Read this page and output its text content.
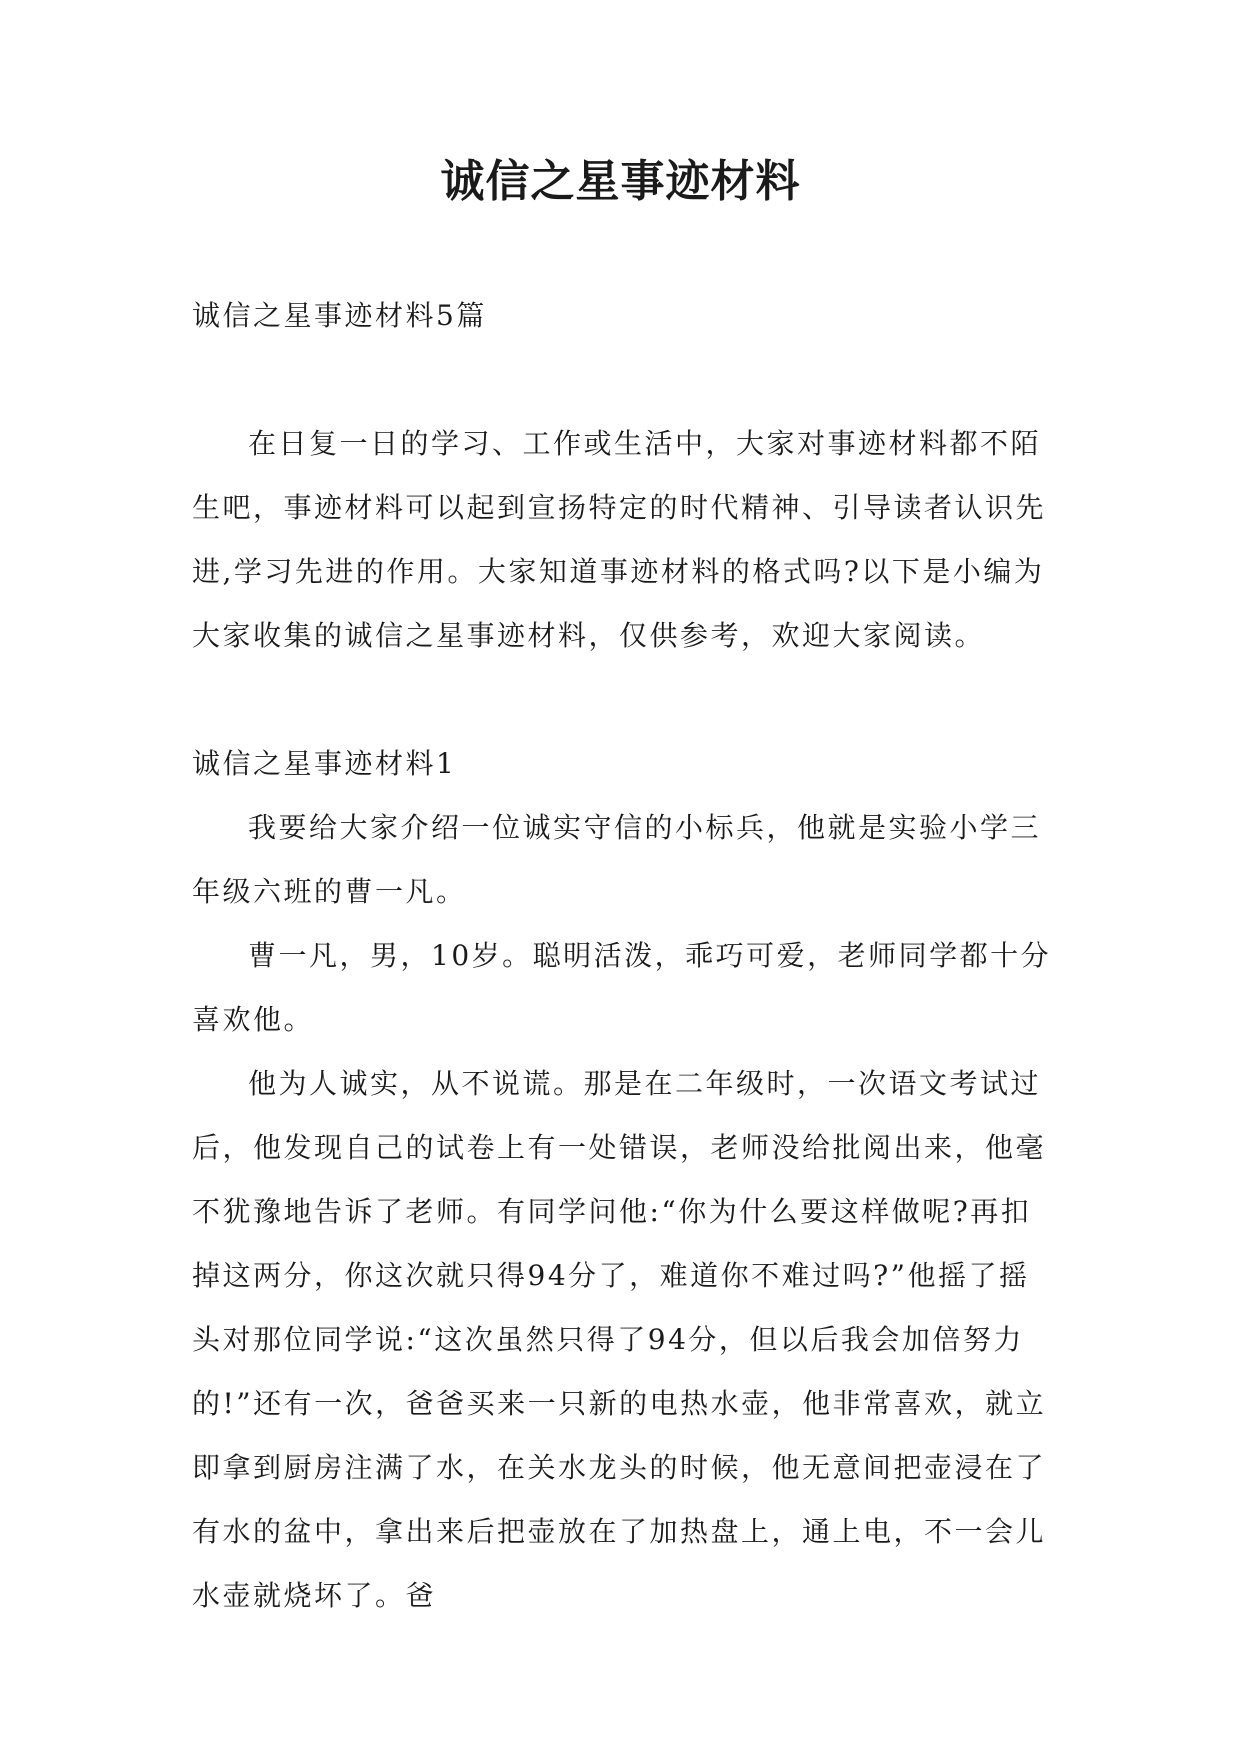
诚信之星事迹材料

诚信之星事迹材料5篇

在日复一日的学习、工作或生活中，大家对事迹材料都不陌生吧，事迹材料可以起到宣扬特定的时代精神、引导读者认识先进,学习先进的作用。大家知道事迹材料的格式吗?以下是小编为大家收集的诚信之星事迹材料，仅供参考，欢迎大家阅读。

诚信之星事迹材料1

我要给大家介绍一位诚实守信的小标兵，他就是实验小学三年级六班的曹一凡。

曹一凡，男，10岁。聪明活泼，乖巧可爱，老师同学都十分喜欢他。

他为人诚实，从不说谎。那是在二年级时，一次语文考试过后，他发现自己的试卷上有一处错误，老师没给批阅出来，他毫不犹豫地告诉了老师。有同学问他:“你为什么要这样做呢?再扣掉这两分，你这次就只得94分了，难道你不难过吗?”他摇了摇头对那位同学说:“这次虽然只得了94分，但以后我会加倍努力的!”还有一次，爸爸买来一只新的电热水壶，他非常喜欢，就立即拿到厨房注满了水，在关水龙头的时候，他无意间把壶浸在了有水的盆中，拿出来后把壶放在了加热盘上，通上电，不一会儿水壶就烧坏了。爸
